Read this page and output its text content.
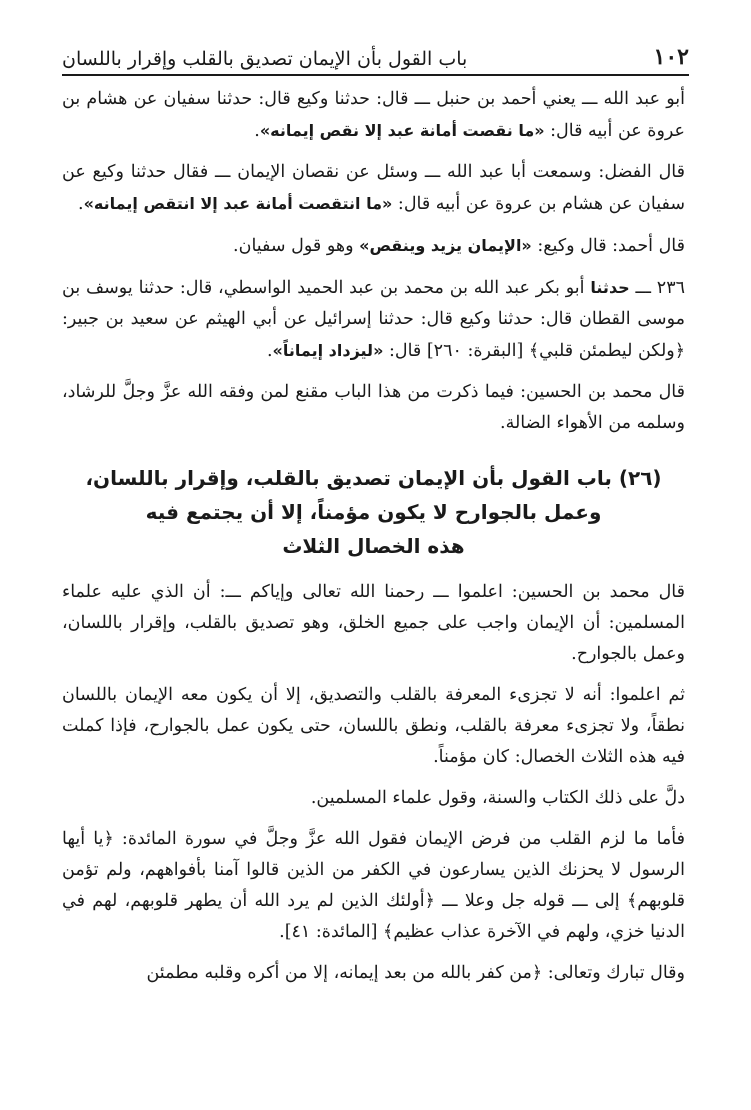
١٠٢
باب القول بأن الإيمان تصديق بالقلب وإقرار باللسان

أبو عبد الله ـــ يعني أحمد بن حنبل ـــ قال: حدثنا وكيع قال: حدثنا سفيان عن هشام بن عروة عن أبيه قال: «ما نقصت أمانة عبد إلا نقص إيمانه».

قال الفضل: وسمعت أبا عبد الله ـــ وسئل عن نقصان الإيمان ـــ فقال حدثنا وكيع عن سفيان عن هشام بن عروة عن أبيه قال: «ما انتقصت أمانة عبد إلا انتقص إيمانه».

قال أحمد: قال وكيع: «الإيمان يزيد وينقص» وهو قول سفيان.

٢٣٦ ـــ حدثنا أبو بكر عبد الله بن محمد بن عبد الحميد الواسطي، قال: حدثنا يوسف بن موسى القطان قال: حدثنا وكيع قال: حدثنا إسرائيل عن أبي الهيثم عن سعيد بن جبير: ﴿ولكن ليطمئن قلبي﴾ [البقرة: ٢٦٠] قال: «ليزداد إيماناً».

قال محمد بن الحسين: فيما ذكرت من هذا الباب مقنع لمن وفقه الله عزَّ وجلَّ للرشاد، وسلمه من الأهواء الضالة.

(٢٦) باب القول بأن الإيمان تصديق بالقلب، وإقرار باللسان،
وعمل بالجوارح لا يكون مؤمناً، إلا أن يجتمع فيه
هذه الخصال الثلاث

قال محمد بن الحسين: اعلموا ـــ رحمنا الله تعالى وإياكم ـــ: أن الذي عليه علماء المسلمين: أن الإيمان واجب على جميع الخلق، وهو تصديق بالقلب، وإقرار باللسان، وعمل بالجوارح.

ثم اعلموا: أنه لا تجزىء المعرفة بالقلب والتصديق، إلا أن يكون معه الإيمان باللسان نطقاً، ولا تجزىء معرفة بالقلب، ونطق باللسان، حتى يكون عمل بالجوارح، فإذا كملت فيه هذه الثلاث الخصال: كان مؤمناً.

دلَّ على ذلك الكتاب والسنة، وقول علماء المسلمين.

فأما ما لزم القلب من فرض الإيمان فقول الله عزَّ وجلَّ في سورة المائدة: ﴿يا أيها الرسول لا يحزنك الذين يسارعون في الكفر من الذين قالوا آمنا بأفواههم، ولم تؤمن قلوبهم﴾ إلى ـــ قوله جل وعلا ـــ ﴿أولئك الذين لم يرد الله أن يطهر قلوبهم، لهم في الدنيا خزي، ولهم في الآخرة عذاب عظيم﴾ [المائدة: ٤١].

وقال تبارك وتعالى: ﴿من كفر بالله من بعد إيمانه، إلا من أكره وقلبه مطمئن
